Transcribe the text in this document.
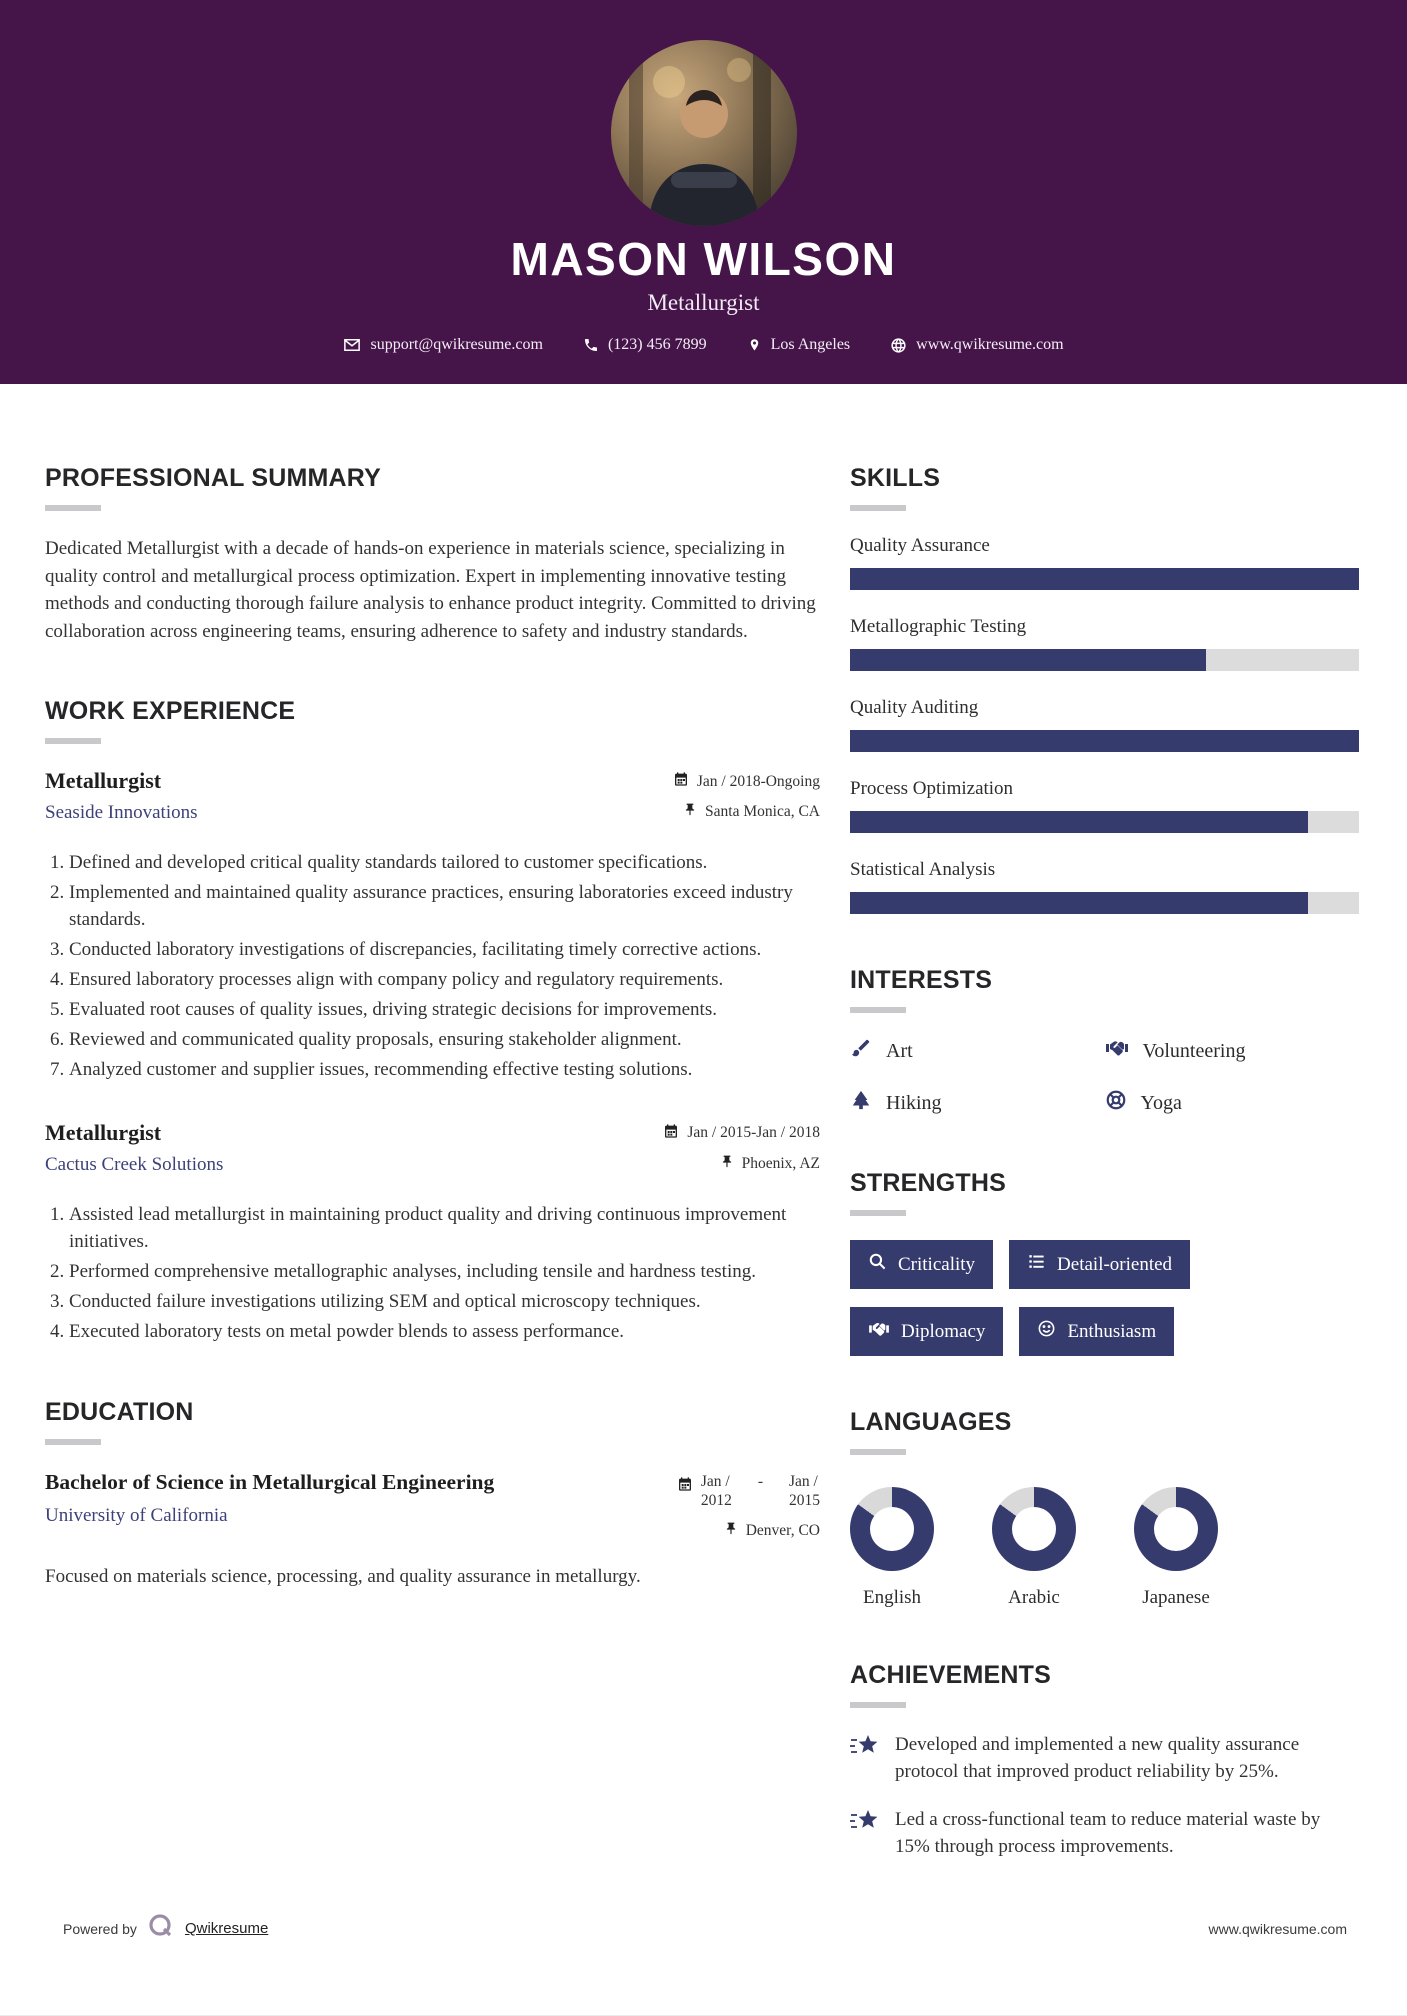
MASON WILSON
Metallurgist
support@qwikresume.com	(123) 456 7899	Los Angeles	www.qwikresume.com
PROFESSIONAL SUMMARY

Dedicated Metallurgist with a decade of hands-on experience in materials science, specializing in quality control and metallurgical process optimization. Expert in implementing innovative testing methods and conducting thorough failure analysis to enhance product integrity. Committed to driving collaboration across engineering teams, ensuring adherence to safety and industry standards.

WORK EXPERIENCE
Metallurgist
Seaside Innovations
Jan / 2018-Ongoing
Santa Monica, CA
1. Defined and developed critical quality standards tailored to customer specifications.
2. Implemented and maintained quality assurance practices, ensuring laboratories exceed industry standards.
3. Conducted laboratory investigations of discrepancies, facilitating timely corrective actions.
4. Ensured laboratory processes align with company policy and regulatory requirements.
5. Evaluated root causes of quality issues, driving strategic decisions for improvements.
6. Reviewed and communicated quality proposals, ensuring stakeholder alignment.
7. Analyzed customer and supplier issues, recommending effective testing solutions.
Metallurgist
Cactus Creek Solutions
Jan / 2015-Jan / 2018
Phoenix, AZ
1. Assisted lead metallurgist in maintaining product quality and driving continuous improvement initiatives.
2. Performed comprehensive metallographic analyses, including tensile and hardness testing.
3. Conducted failure investigations utilizing SEM and optical microscopy techniques.
4. Executed laboratory tests on metal powder blends to assess performance.
EDUCATION
Bachelor of Science in Metallurgical Engineering
University of California
Jan /
2012
- Jan /
2015
Denver, CO

Focused on materials science, processing, and quality assurance in metallurgy.

SKILLS
Quality Assurance
Metallographic Testing
Quality Auditing
Process Optimization
Statistical Analysis
INTERESTS
Art	Volunteering
Hiking	Yoga
STRENGTHS
Criticality	Detail-oriented
Diplomacy	Enthusiasm
LANGUAGES
English	Arabic	Japanese
ACHIEVEMENTS
Developed and implemented a new quality assurance protocol that improved product reliability by 25%.
Led a cross-functional team to reduce material waste by 15% through process improvements.
Powered by	Qwikresume	www.qwikresume.com
